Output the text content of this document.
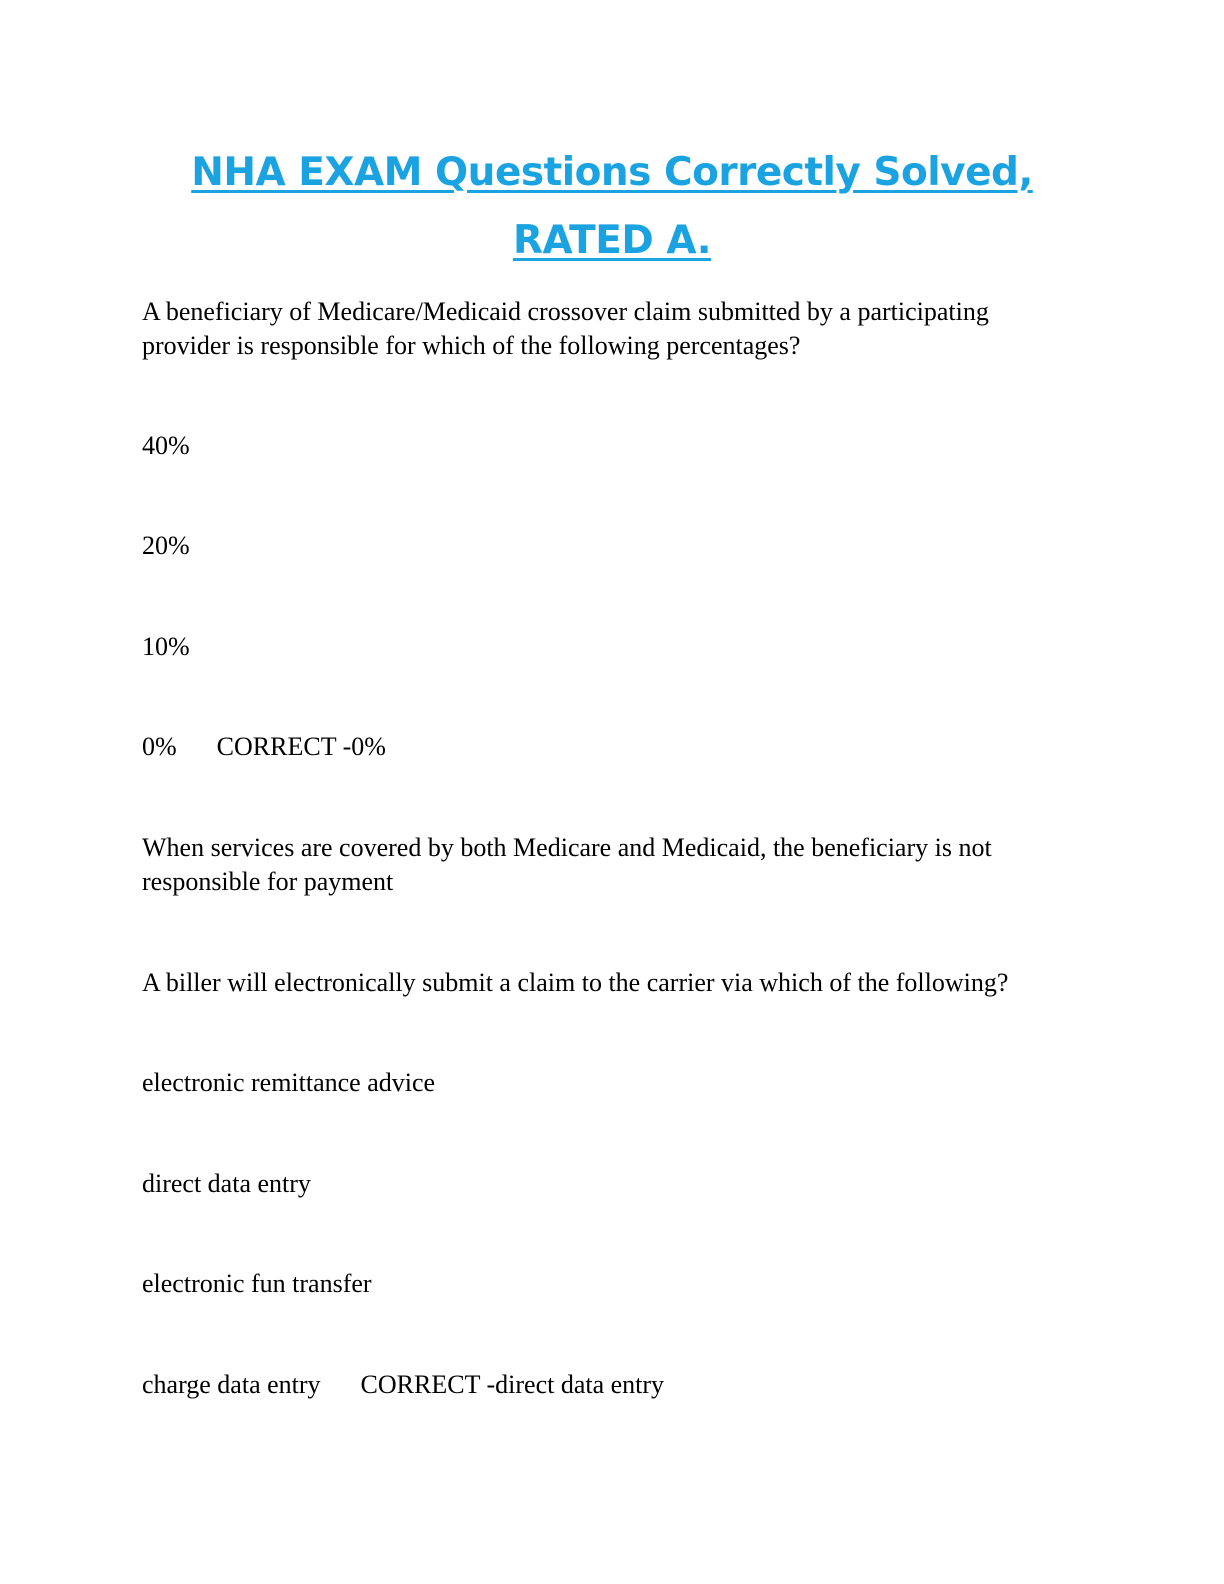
NHA EXAM Questions Correctly Solved,
RATED A.
A beneficiary of Medicare/Medicaid crossover claim submitted by a participating
provider is responsible for which of the following percentages?
40%
20%
10%
0% CORRECT -0%
When services are covered by both Medicare and Medicaid, the beneficiary is not
responsible for payment
A biller will electronically submit a claim to the carrier via which of the following?
electronic remittance advice
direct data entry
electronic fun transfer
charge data entry CORRECT -direct data entry
